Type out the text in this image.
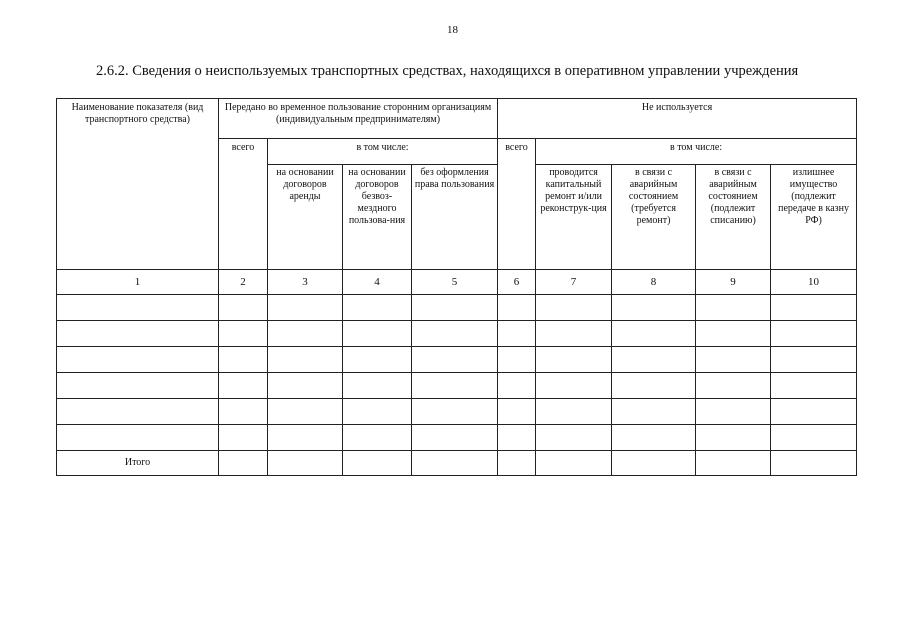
18
2.6.2. Сведения о неиспользуемых транспортных средствах, находящихся в оперативном управлении учреждения
Наименование показателя (вид транспортного средства)	Передано во временное пользование сторонним организациям (индивидуальным предпринимателям)				Не используется				
	всего	в том числе:			всего	в том числе:			
		на основании договоров аренды	на основании договоров безвоз-мездного пользова-ния	без оформления права пользования		проводится капитальный ремонт и/или реконструк-ция	в связи с аварийным состоянием (требуется ремонт)	в связи с аварийным состоянием (подлежит списанию)	излишнее имущество (подлежит передаче в казну РФ)
1	2	3	4	5	6	7	8	9	10

Итого									
